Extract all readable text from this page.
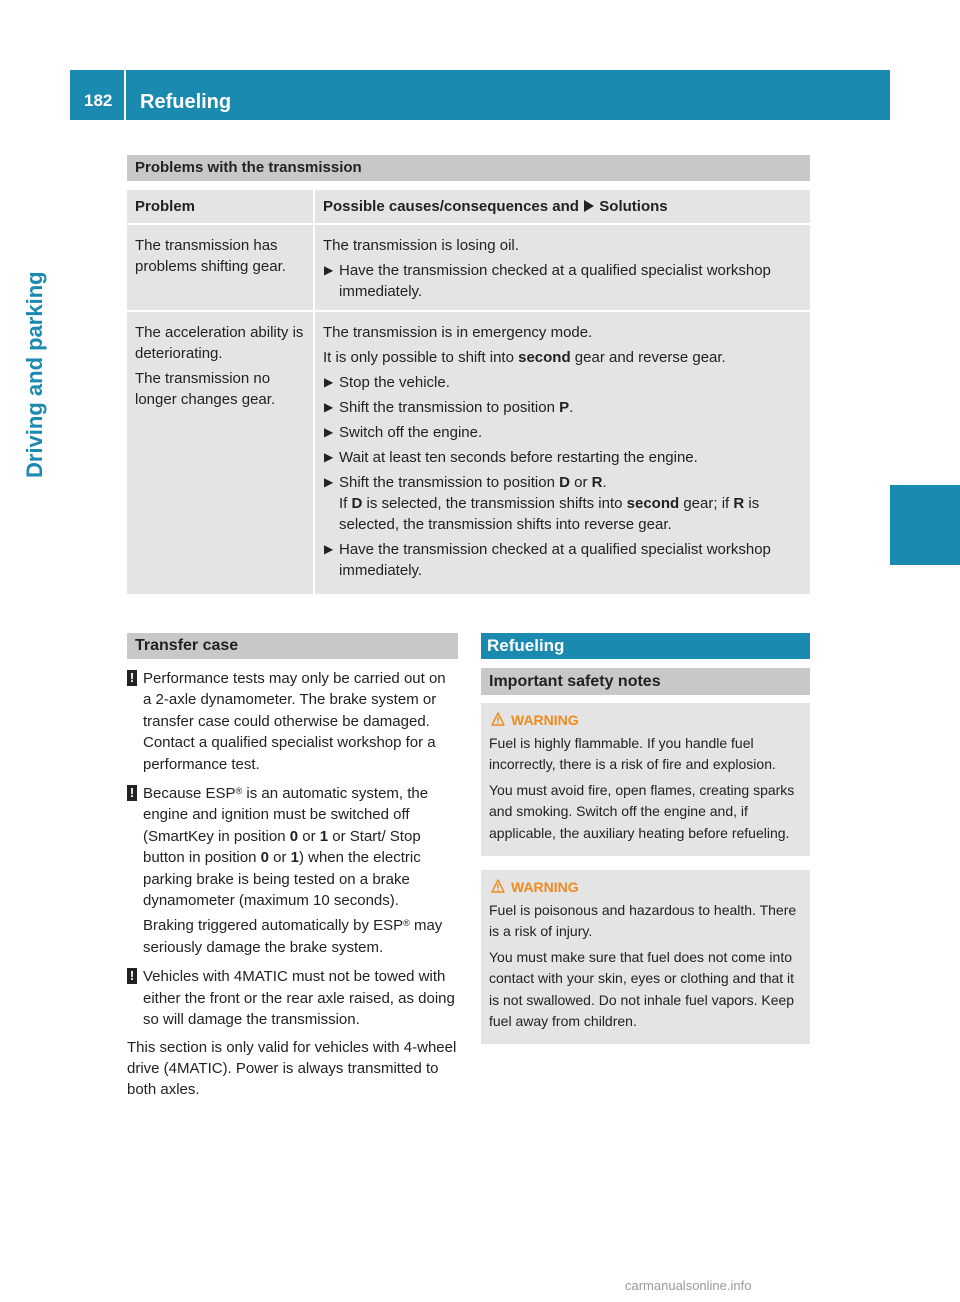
182	Refueling
Driving and parking
Problems with the transmission
Problem	Possible causes/consequences and Solutions
The transmission has problems shifting gear.

The transmission is losing oil.

▶ Have the transmission checked at a qualified specialist workshop immediately.

The acceleration ability is deteriorating.

The transmission no longer changes gear.

The transmission is in emergency mode.

It is only possible to shift into second gear and reverse gear.

▶ Stop the vehicle.
▶ Shift the transmission to position P.
▶ Switch off the engine.
▶ Wait at least ten seconds before restarting the engine.
▶ Shift the transmission to position D or R.
If D is selected, the transmission shifts into second gear; if R is selected, the transmission shifts into reverse gear.
▶ Have the transmission checked at a qualified specialist workshop immediately.
Transfer case
! Performance tests may only be carried out on a 2-axle dynamometer. The brake system or transfer case could otherwise be damaged. Contact a qualified specialist workshop for a performance test.
! Because ESP® is an automatic system, the engine and ignition must be switched off (SmartKey in position 0 or 1 or Start/ Stop button in position 0 or 1) when the electric parking brake is being tested on a brake dynamometer (maximum 10 seconds).

Braking triggered automatically by ESP® may seriously damage the brake system.

! Vehicles with 4MATIC must not be towed with either the front or the rear axle raised, as doing so will damage the transmission.
This section is only valid for vehicles with 4-wheel drive (4MATIC). Power is always transmitted to both axles.
Refueling
Important safety notes
WARNING

Fuel is highly flammable. If you handle fuel incorrectly, there is a risk of fire and explosion.

You must avoid fire, open flames, creating sparks and smoking. Switch off the engine and, if applicable, the auxiliary heating before refueling.

WARNING

Fuel is poisonous and hazardous to health. There is a risk of injury.

You must make sure that fuel does not come into contact with your skin, eyes or clothing and that it is not swallowed. Do not inhale fuel vapors. Keep fuel away from children.

carmanualsonline.info
